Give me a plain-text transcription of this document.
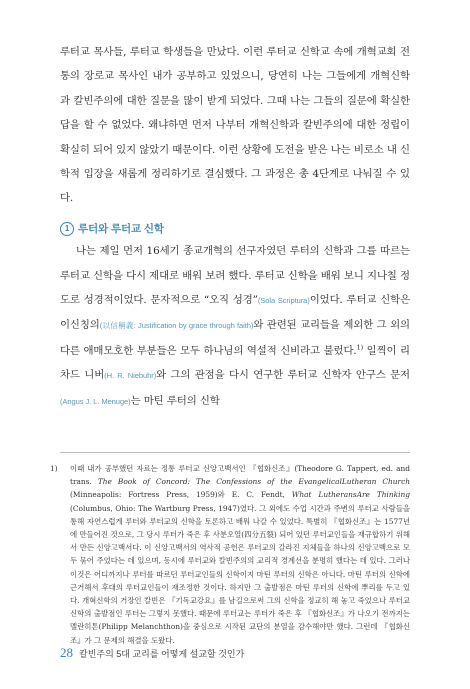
루터교 목사들, 루터교 학생들을 만났다. 이런 루터교 신학교 속에 개혁교회 전통의 장로교 목사인 내가 공부하고 있었으니, 당연히 나는 그들에게 개혁신학과 칼빈주의에 대한 질문을 많이 받게 되었다. 그때 나는 그들의 질문에 확실한 답을 할 수 없었다. 왜냐하면 먼저 나부터 개혁신학과 칼빈주의에 대한 정립이 확실히 되어 있지 않았기 때문이다. 이런 상황에 도전을 받은 나는 비로소 내 신학적 입장을 새롭게 정리하기로 결심했다. 그 과정은 총 4단계로 나눠질 수 있다.

1 루터와 루터교 신학

나는 제일 먼저 16세기 종교개혁의 선구자였던 루터의 신학과 그를 따르는 루터교 신학을 다시 제대로 배워 보려 했다. 루터교 신학을 배워 보니 지나칠 정도로 성경적이었다. 문자적으로 “오직 성경”(Sola Scriptura)이었다. 루터교 신학은 이신칭의(以信稱義: Justification by grace through faith)와 관련된 교리들을 제외한 그 외의 다른 애매모호한 부분들은 모두 하나님의 역설적 신비라고 불렀다.$^{1)}$ 일찍이 리차드 니버(H. R. Niebuhr)와 그의 관점을 다시 연구한 루터교 신학자 안구스 문저(Angus J. L. Menuge)는 마틴 루터의 신학

1) 이때 내가 공부했던 자료는 정통 루터교 신앙고백서인 『협화신조』(Theodore G. Tappert, ed. and trans. The Book of Concord: The Confessions of the EvangelicalLutheran Church (Minneapolis: Fortress Press, 1959)와 E. C. Fendt, What LutheransAre Thinking (Columbus, Ohio: The Wartburg Press, 1947)였다. 그 외에도 수업 시간과 주변의 루터교 사람들을 통해 자연스럽게 루터와 루터교의 신학을 토론하고 배워 나갈 수 있었다. 특별히 『협화신조』는 1577년에 만들어진 것으로, 그 당시 루터가 죽은 후 사분오열(四分五裂) 되어 있던 루터교인들을 재규합하기 위해서 만든 신앙고백서다. 이 신앙고백서의 역사적 공헌은 루터교의 갈라진 지체들을 하나의 신앙고백으로 모두 묶어 주었다는 데 있으며, 동시에 루터교와 칼빈주의의 교리적 경계선을 분명히 했다는 데 있다. 그러나 이것은 어디까지나 루터를 따르던 루터교인들의 신학이지 마틴 루터의 신학은 아니다. 마틴 루터의 신학에 근거해서 후대의 루터교인들이 재조정한 것이다. 하지만 그 출발점은 마틴 루터의 신학에 뿌리를 두고 있다. 개혁신학의 거장인 칼빈은 『기독교강요』를 남길으로써 그의 신학을 정교히 해 놓고 죽었으나 루터교 신학의 출발점인 루터는 그렇지 못했다. 때문에 루터교는 루터가 죽은 후 『협화신조』가 나오기 전까지는 멜란히톤(Philipp Melanchthon)을 중심으로 시작된 교단의 분열을 감수해야만 했다. 그런데 『협화신조』가 그 문제의 해결을 도왔다.
28 칼빈주의 5대 교리를 어떻게 설교할 것인가
